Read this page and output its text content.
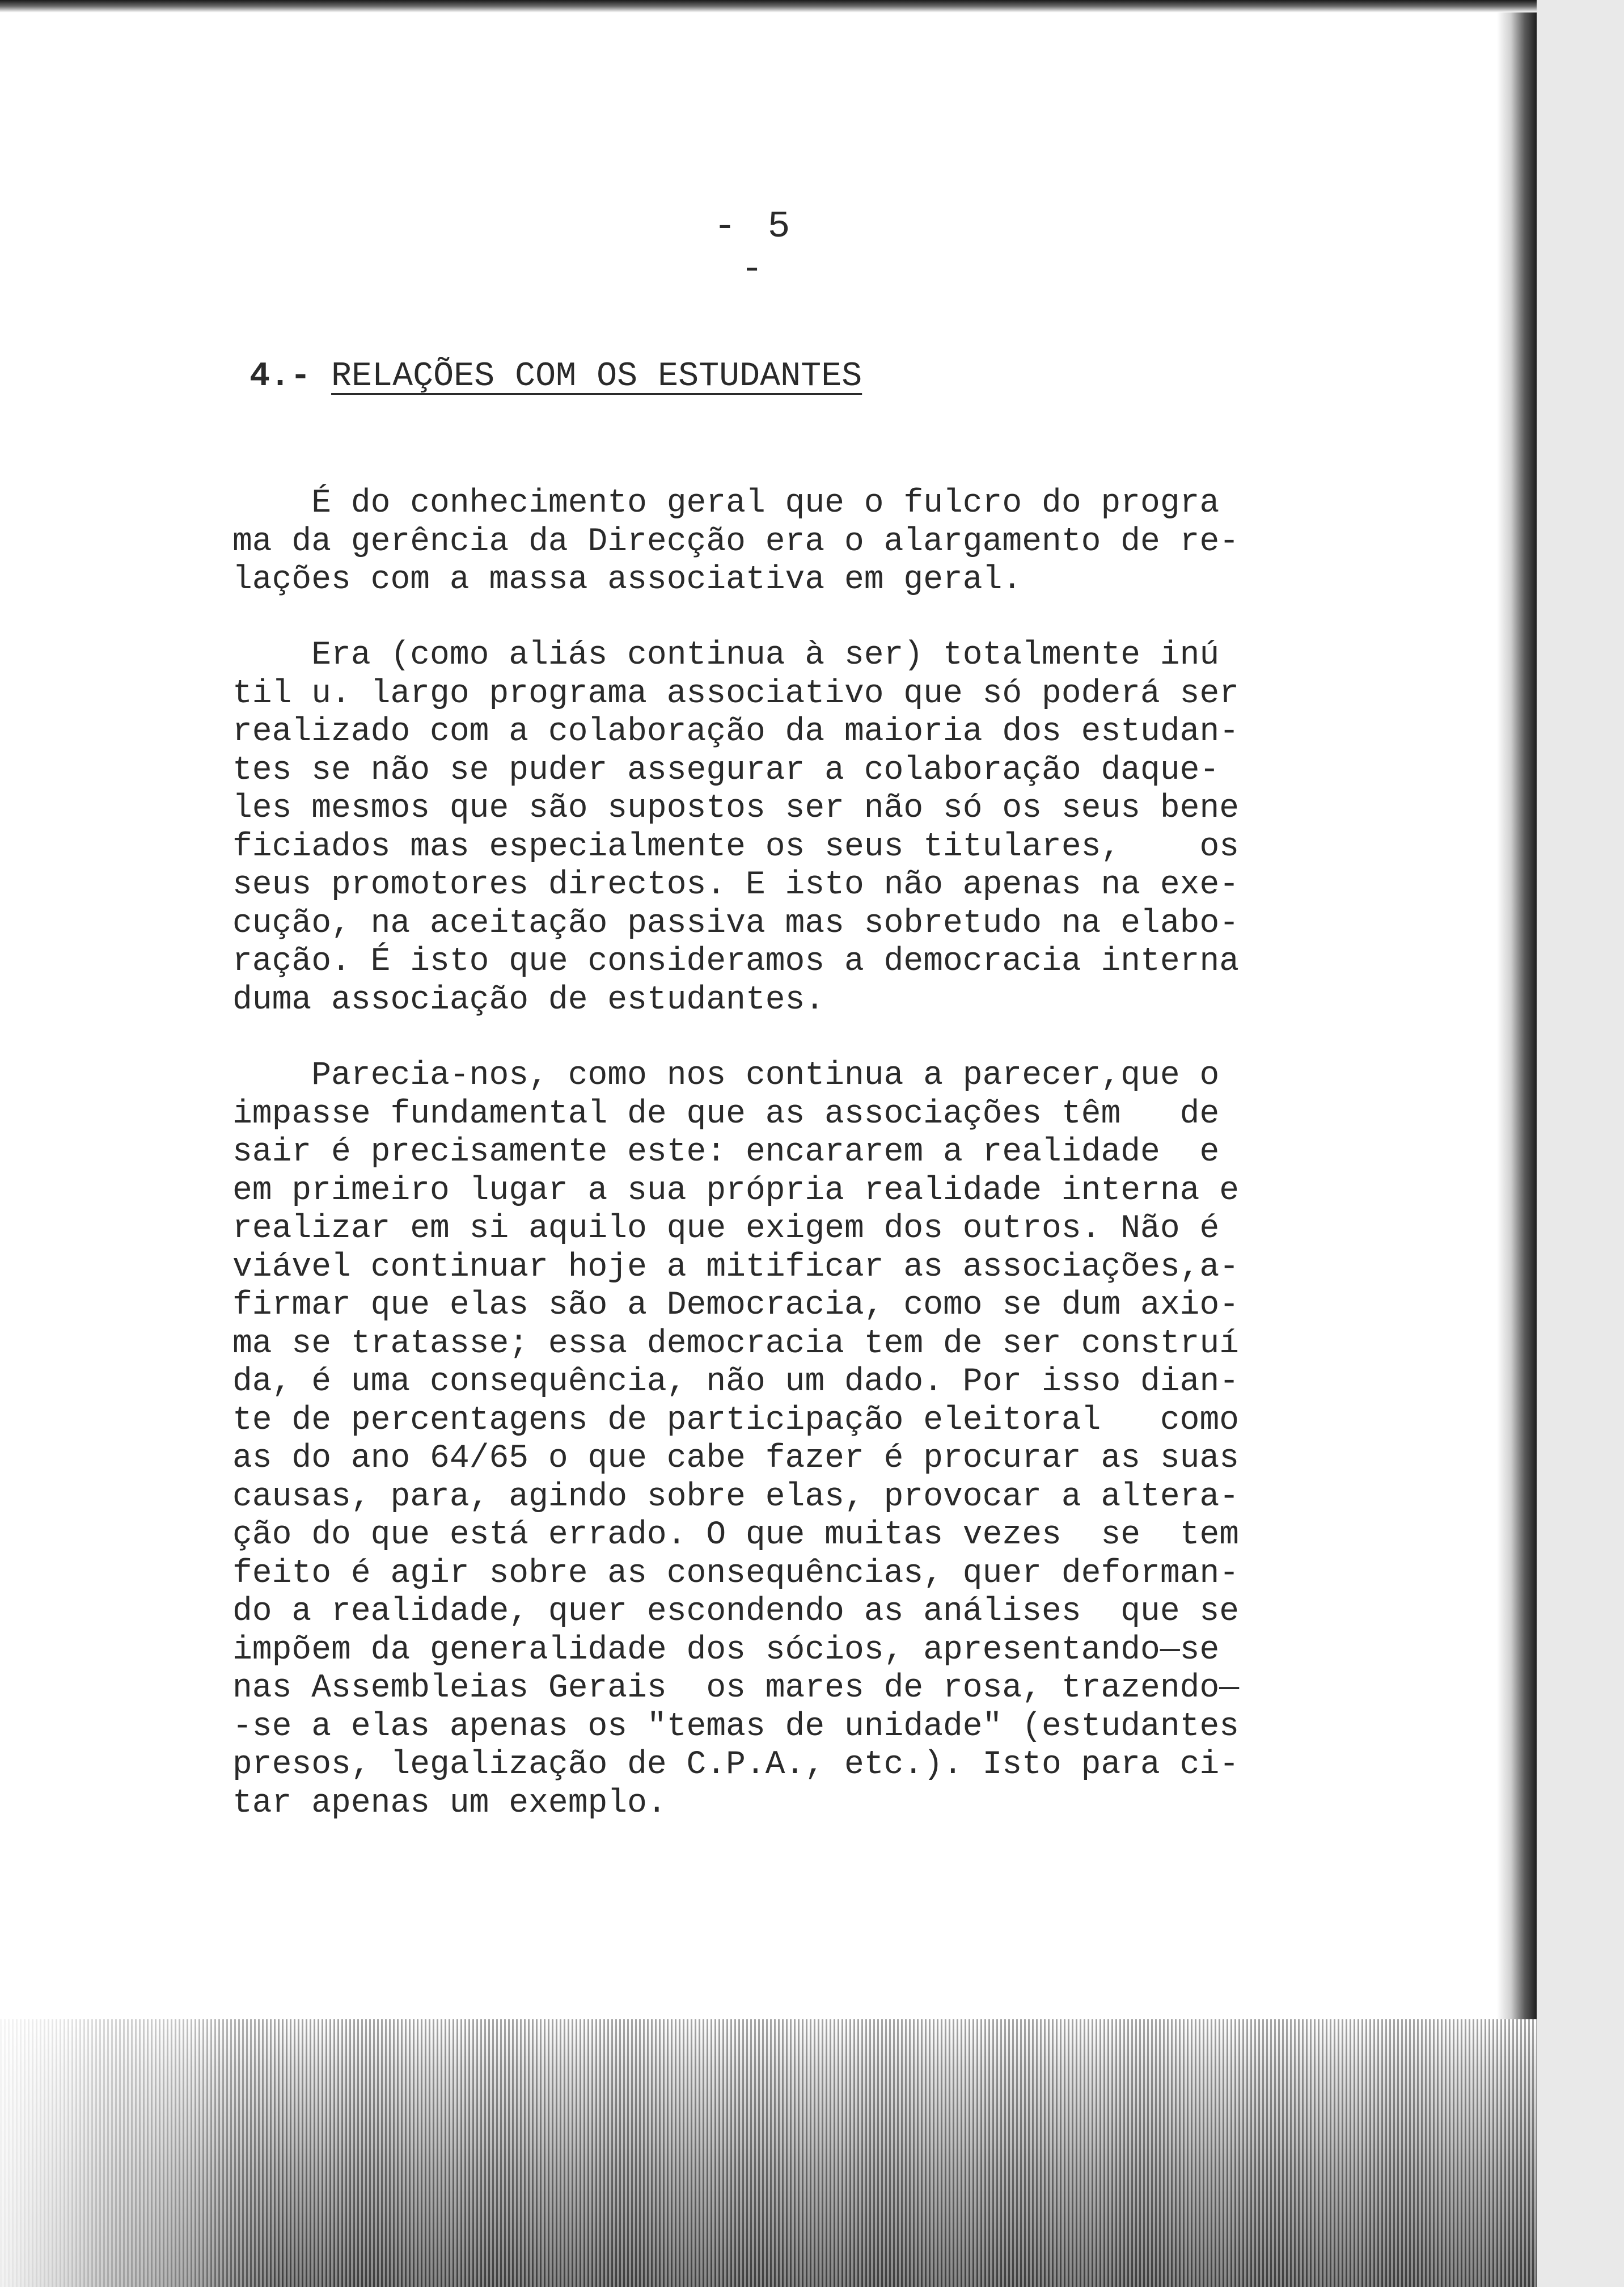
- 5 -
4.- RELAÇÕES COM OS ESTUDANTES

É do conhecimento geral que o fulcro do progra
ma da gerência da Direcção era o alargamento de re-
lações com a massa associativa em geral.

Era (como aliás continua à ser) totalmente inú
til u. largo programa associativo que só poderá ser
realizado com a colaboração da maioria dos estudan-
tes se não se puder assegurar a colaboração daque-
les mesmos que são supostos ser não só os seus bene
ficiados mas especialmente os seus titulares,    os
seus promotores directos. E isto não apenas na exe-
cução, na aceitação passiva mas sobretudo na elabo-
ração. É isto que consideramos a democracia interna
duma associação de estudantes.

Parecia-nos, como nos continua a parecer,que o
impasse fundamental de que as associações têm   de
sair é precisamente este: encararem a realidade  e
em primeiro lugar a sua própria realidade interna e
realizar em si aquilo que exigem dos outros. Não é
viável continuar hoje a mitificar as associações,a-
firmar que elas são a Democracia, como se dum axio-
ma se tratasse; essa democracia tem de ser construí
da, é uma consequência, não um dado. Por isso dian-
te de percentagens de participação eleitoral   como
as do ano 64/65 o que cabe fazer é procurar as suas
causas, para, agindo sobre elas, provocar a altera-
ção do que está errado. O que muitas vezes  se  tem
feito é agir sobre as consequências, quer deforman-
do a realidade, quer escondendo as análises  que se
impõem da generalidade dos sócios, apresentando—se
nas Assembleias Gerais  os mares de rosa, trazendo—
-se a elas apenas os "temas de unidade" (estudantes
presos, legalização de C.P.A., etc.). Isto para ci-
tar apenas um exemplo.
